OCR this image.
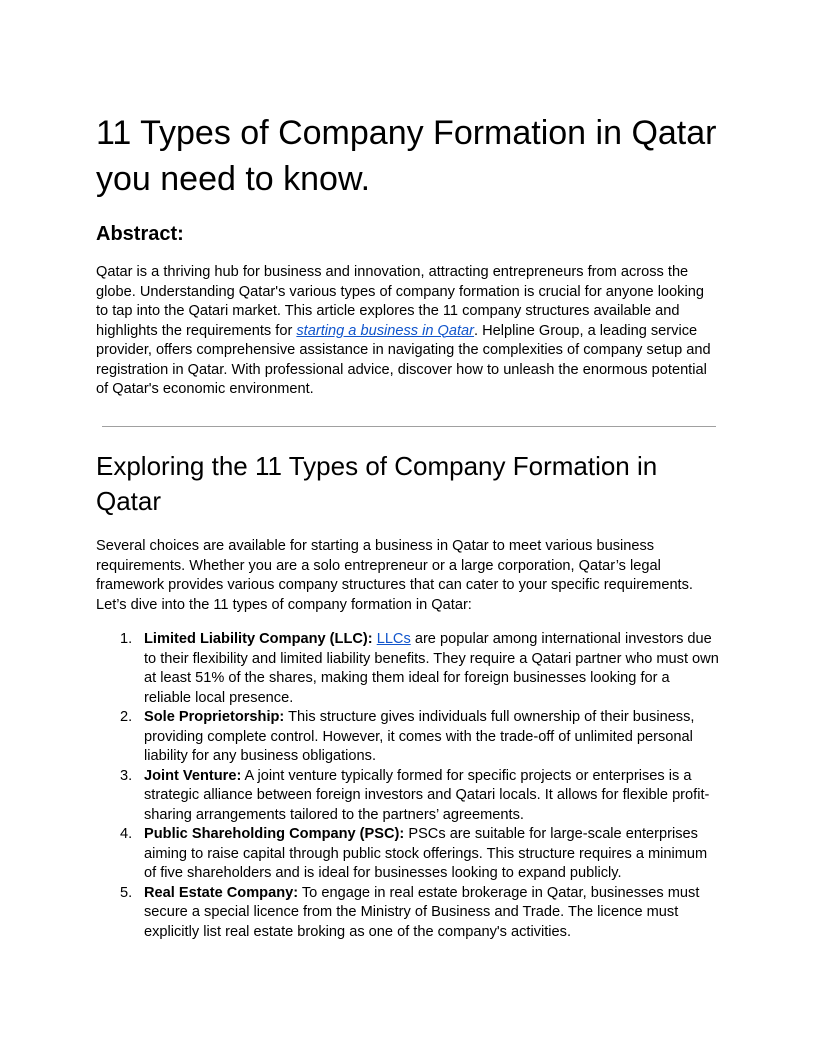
11 Types of Company Formation in Qatar you need to know.
Abstract:

Qatar is a thriving hub for business and innovation, attracting entrepreneurs from across the globe. Understanding Qatar's various types of company formation is crucial for anyone looking to tap into the Qatari market. This article explores the 11 company structures available and highlights the requirements for starting a business in Qatar. Helpline Group, a leading service provider, offers comprehensive assistance in navigating the complexities of company setup and registration in Qatar. With professional advice, discover how to unleash the enormous potential of Qatar's economic environment.

Exploring the 11 Types of Company Formation in Qatar

Several choices are available for starting a business in Qatar to meet various business requirements. Whether you are a solo entrepreneur or a large corporation, Qatar’s legal framework provides various company structures that can cater to your specific requirements. Let’s dive into the 11 types of company formation in Qatar:

1. Limited Liability Company (LLC): LLCs are popular among international investors due to their flexibility and limited liability benefits. They require a Qatari partner who must own at least 51% of the shares, making them ideal for foreign businesses looking for a reliable local presence.
2. Sole Proprietorship: This structure gives individuals full ownership of their business, providing complete control. However, it comes with the trade-off of unlimited personal liability for any business obligations.
3. Joint Venture: A joint venture typically formed for specific projects or enterprises is a strategic alliance between foreign investors and Qatari locals. It allows for flexible profit-sharing arrangements tailored to the partners’ agreements.
4. Public Shareholding Company (PSC): PSCs are suitable for large-scale enterprises aiming to raise capital through public stock offerings. This structure requires a minimum of five shareholders and is ideal for businesses looking to expand publicly.
5. Real Estate Company: To engage in real estate brokerage in Qatar, businesses must secure a special licence from the Ministry of Business and Trade. The licence must explicitly list real estate broking as one of the company's activities.
